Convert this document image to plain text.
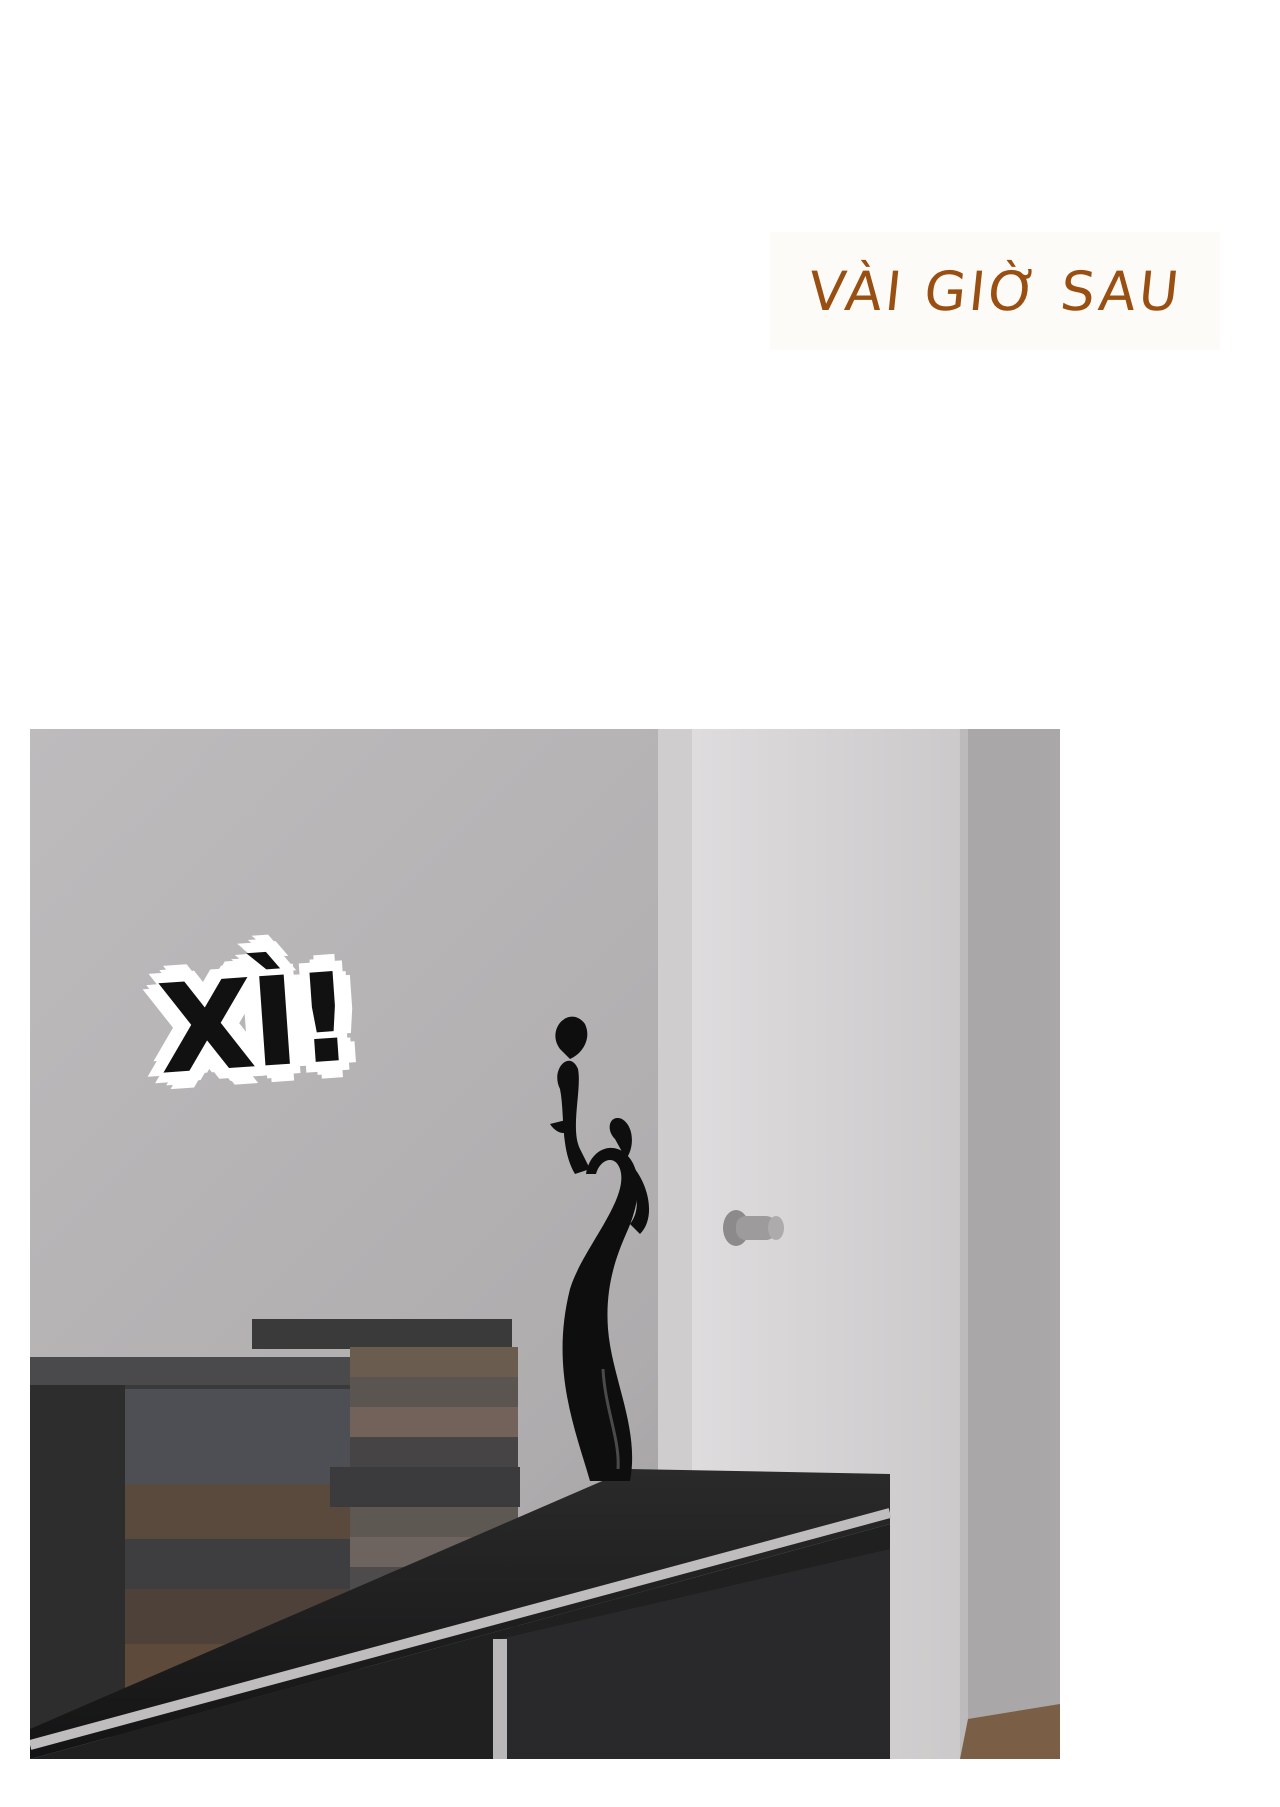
VÀI GIỜ SAU
XÌ!
